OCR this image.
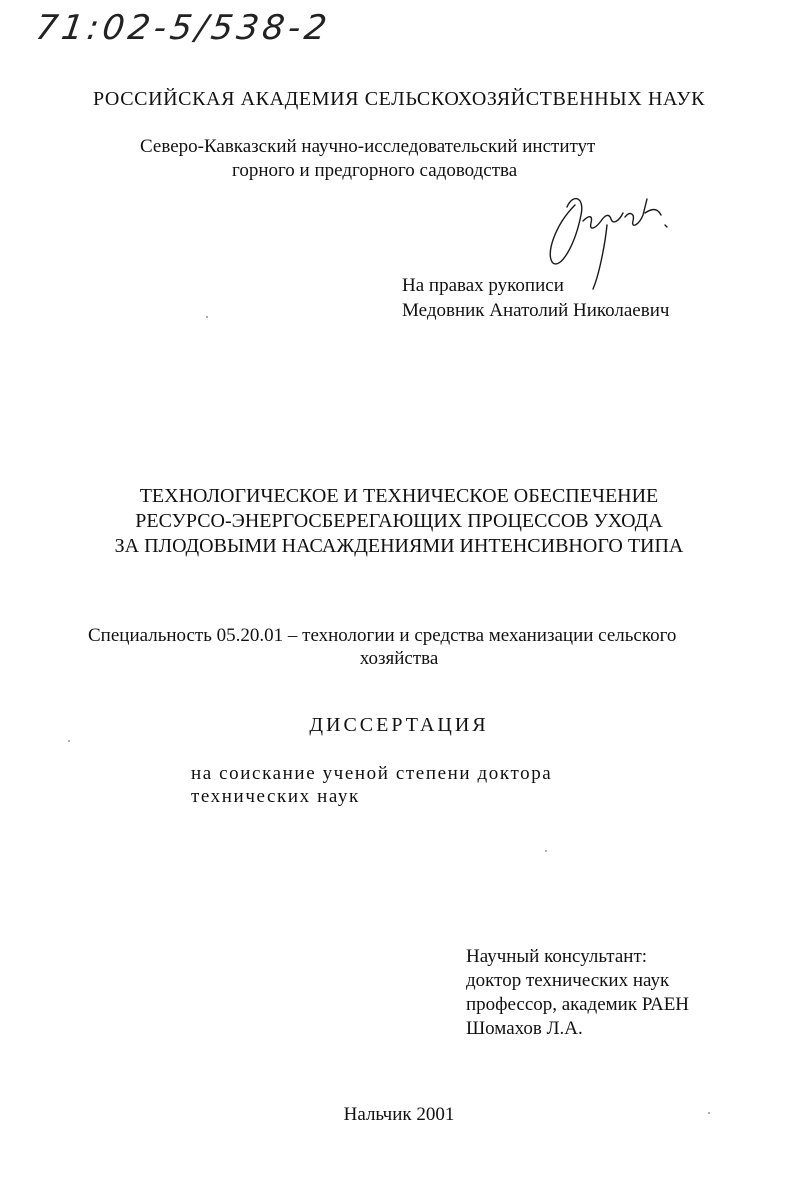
71:02-5/538-2
РОССИЙСКАЯ АКАДЕМИЯ СЕЛЬСКОХОЗЯЙСТВЕННЫХ НАУК
Северо-Кавказский научно-исследовательский институт
горного и предгорного садоводства
На правах рукописи
Медовник Анатолий Николаевич
ТЕХНОЛОГИЧЕСКОЕ И ТЕХНИЧЕСКОЕ ОБЕСПЕЧЕНИЕ
РЕСУРСО-ЭНЕРГОСБЕРЕГАЮЩИХ ПРОЦЕССОВ УХОДА
ЗА ПЛОДОВЫМИ НАСАЖДЕНИЯМИ ИНТЕНСИВНОГО ТИПА
Специальность 05.20.01 – технологии и средства механизации сельского
хозяйства
ДИССЕРТАЦИЯ
на соискание ученой степени доктора
технических наук
Научный консультант:
доктор технических наук
профессор, академик РАЕН
Шомахов Л.А.
Нальчик 2001
